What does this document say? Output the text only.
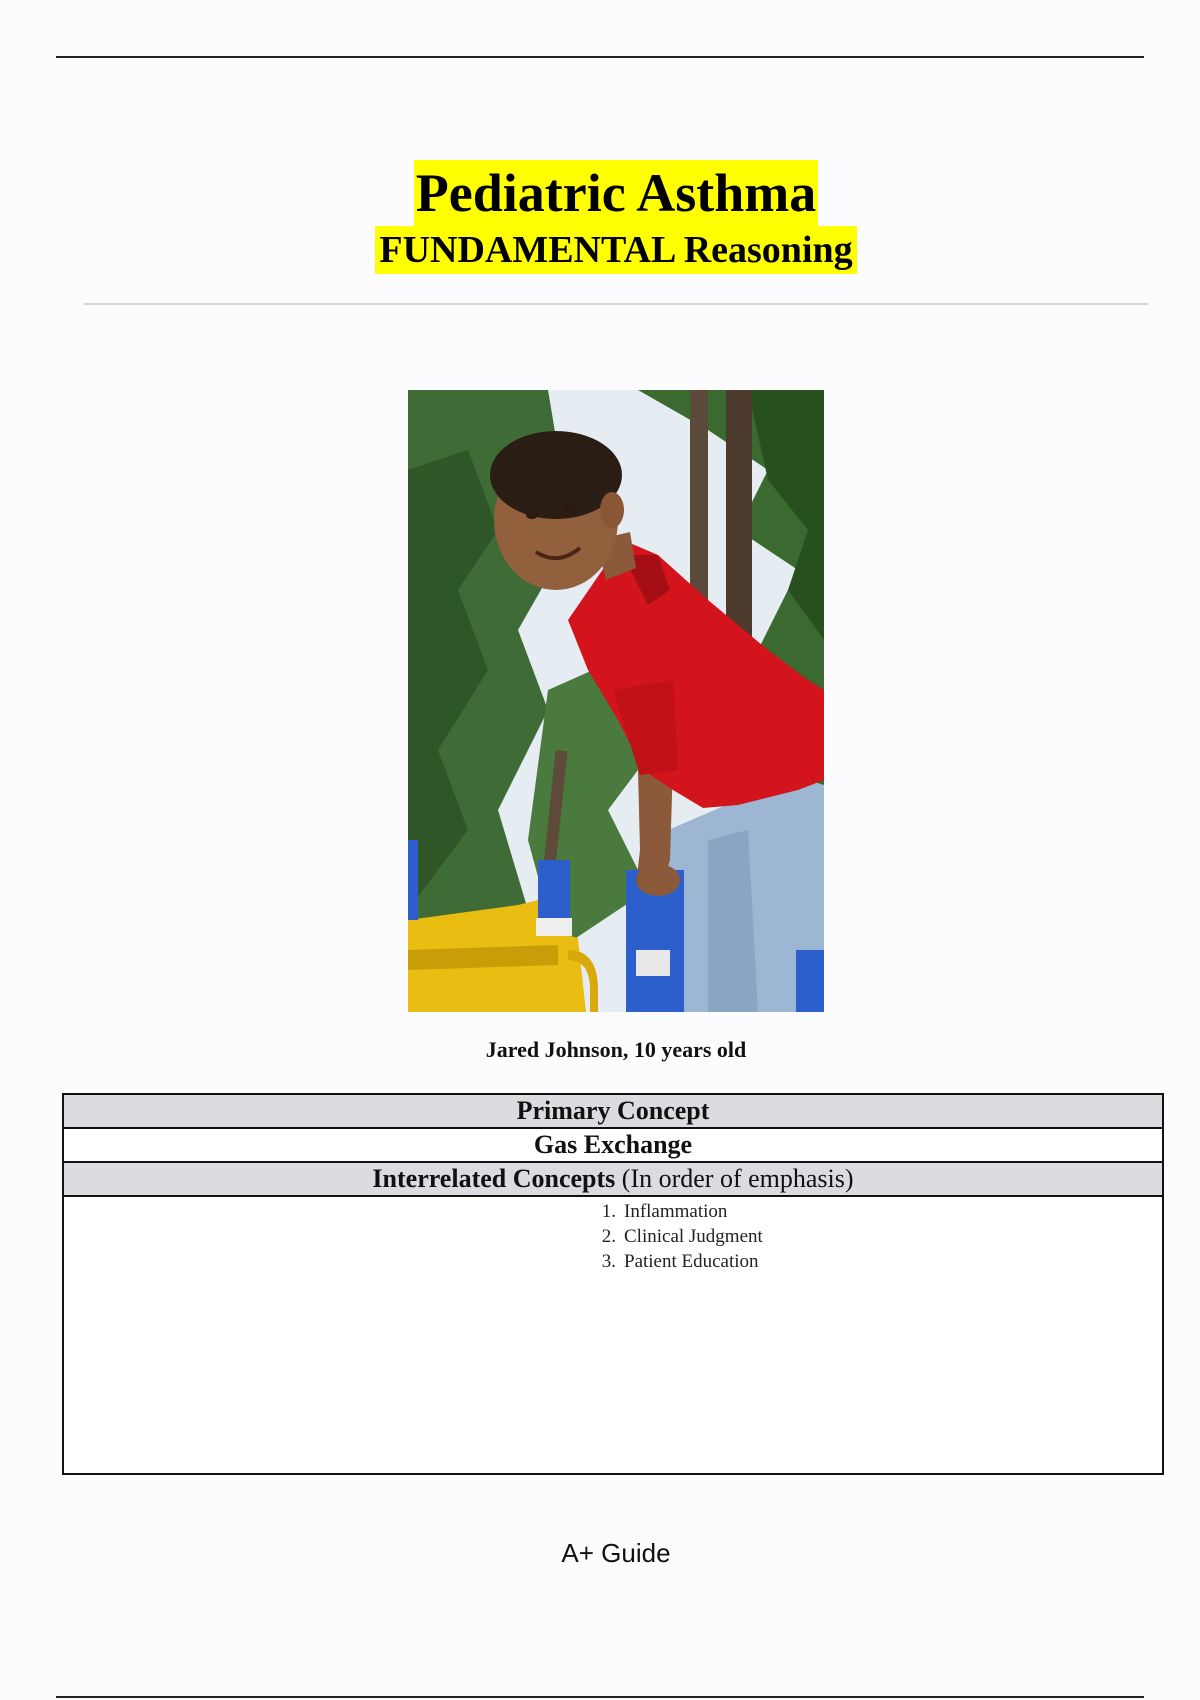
Pediatric Asthma
FUNDAMENTAL Reasoning
Jared Johnson, 10 years old
Primary Concept
Gas Exchange
Interrelated Concepts (In order of emphasis)
1. Inflammation
2. Clinical Judgment
3. Patient Education
A+ Guide
